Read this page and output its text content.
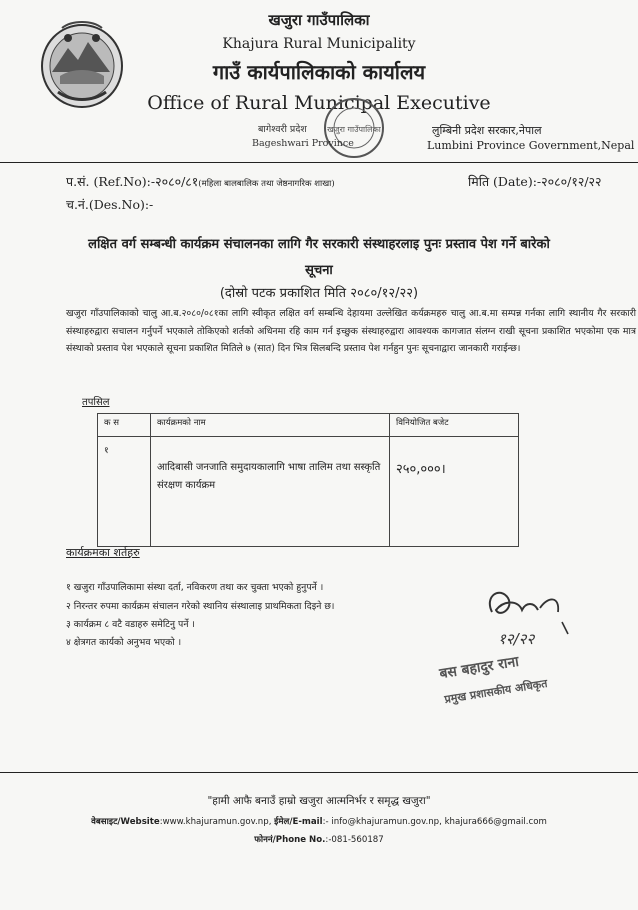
खजुरा गाउँपालिका
Khajura Rural Municipality
गाउँ कार्यपालिकाको कार्यालय
Office of Rural Municipal Executive
खजुरा गाउँपालिका
बागेश्वरी प्रदेश
Bageshwari Province
लुम्बिनी प्रदेश सरकार,नेपाल
Lumbini Province Government,Nepal
प.सं. (Ref.No):-२०८०/८१(महिला बालबालिक तथा जेष्ठनागरिक शाखा)	मिति (Date):-२०८०/१२/२२
च.नं.(Des.No):-
लक्षित वर्ग सम्बन्धी कार्यक्रम संचालनका लागि गैर सरकारी संस्थाहरलाइ पुनः प्रस्ताव पेश गर्ने बारेको
सूचना
(दोस्रो पटक प्रकाशित मिति २०८०/१२/२२)
खजुरा गाँउपालिकाको चालु आ.ब.२०८०/०८१का लागि स्वीकृत लक्षित वर्ग सम्बन्धि देहायमा उल्लेखित कर्यक्रमहरु चालु आ.ब.मा सम्पन्न गर्नका लागि स्थानीय गैर सरकारी संस्थाहरुद्वारा सचालन गर्नुपर्ने भएकाले तोकिएको शर्तको अधिनमा रहि काम गर्न इच्छुक संस्थाहरुद्वारा आवश्यक कागजात संलग्न राखी सूचना प्रकाशित भएकोमा एक मात्र संस्थाको प्रस्ताव पेश भएकाले सूचना प्रकाशित मितिले ७ (सात) दिन भित्र सिलबन्दि प्रस्ताव पेश गर्नहुन पुनः सूचनाद्वारा जानकारी गराईन्छ।
तपसिल
क स	कार्यक्रमको नाम	विनियोजित बजेट

१	आदिबासी जनजाति समुदायकालागि भाषा तालिम तथा सस्कृति संरक्षण कार्यक्रम	२५०,०००।
कार्यक्रमका शर्तहरु
१ खजुरा गाँउपालिकामा संस्था दर्ता, नविकरण तथा कर चुक्ता भएको हुनुपर्ने ।
२ निरन्तर रुपमा कार्यक्रम संचालन गरेको स्थानिय संस्थालाइ प्राथमिकता दिइने छ।
३ कार्यक्रम ८ वटै वडाहरु समेटिनु पर्ने ।
४ क्षेत्रगत कार्यको अनुभव भएको ।	१२/२२
बस बहादुर राना
प्रमुख प्रशासकीय अधिकृत
"हामी आफै बनाउँ हाम्रो खजुरा आत्मनिर्भर र समृद्ध खजुरा"
वेबसाइट/Website:www.khajuramun.gov.np, ईमेल/E-mail:- info@khajuramun.gov.np, khajura666@gmail.com
फोननं/Phone No.:-081-560187
